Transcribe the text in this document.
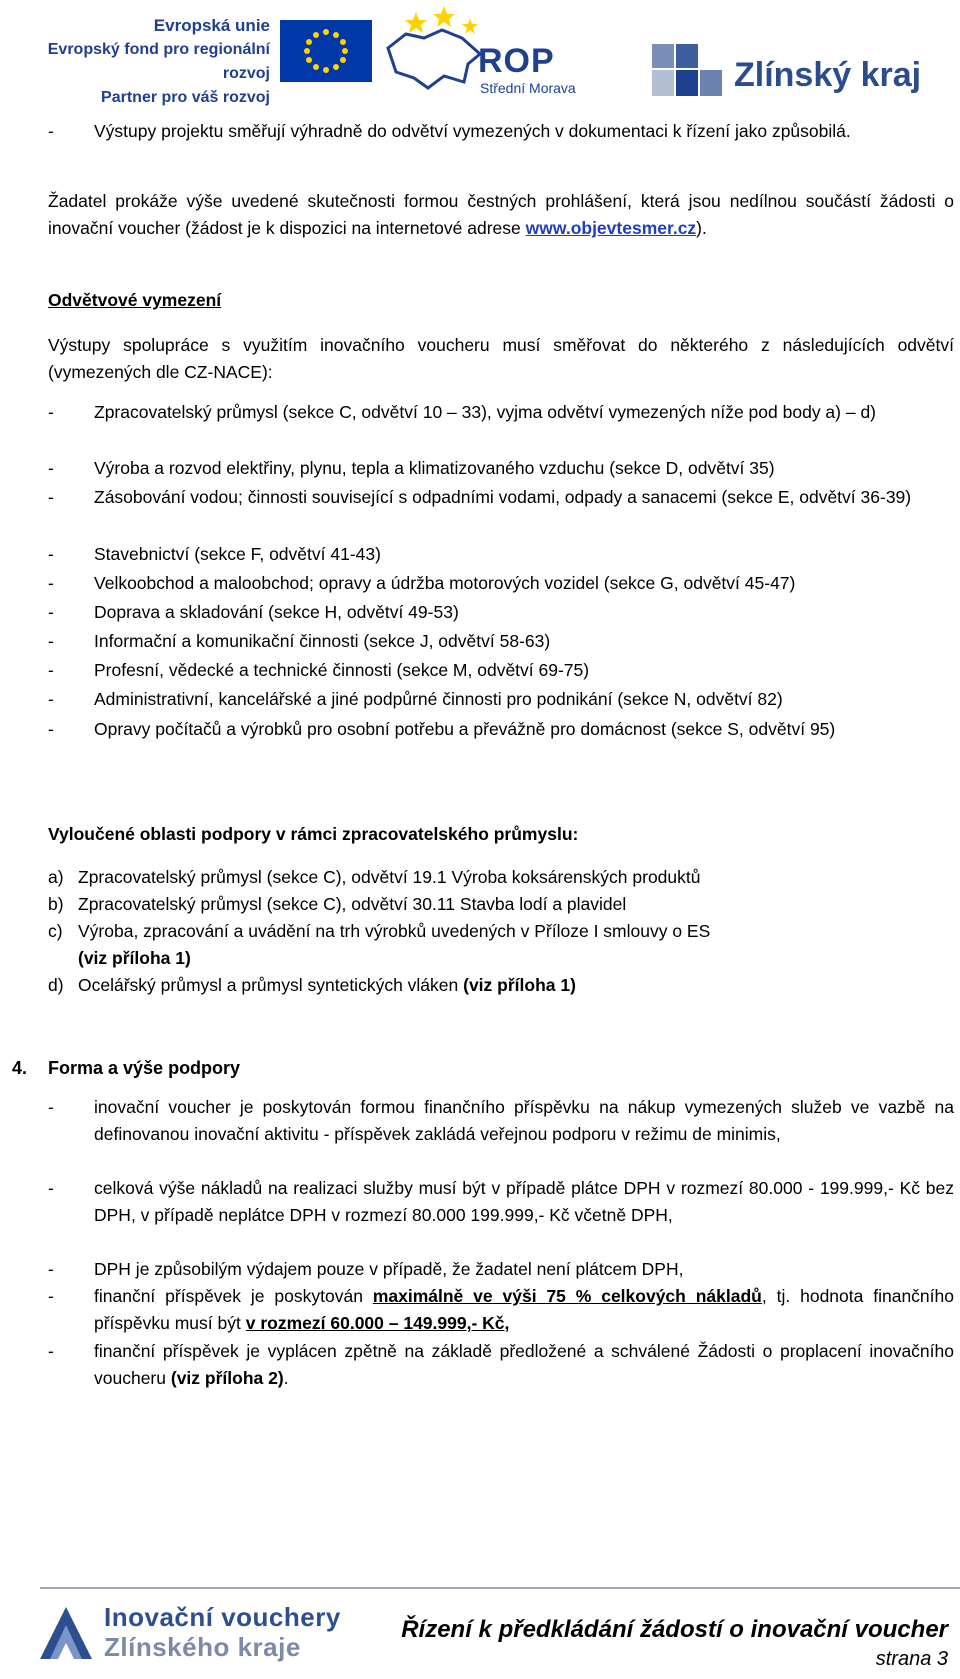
Evropská unie
Evropský fond pro regionální rozvoj
Partner pro váš rozvoj
ROP
Střední Morava	Zlínský kraj
- Výstupy projektu směřují výhradně do odvětví vymezených v dokumentaci k řízení jako způsobilá.
Žadatel prokáže výše uvedené skutečnosti formou čestných prohlášení, která jsou nedílnou součástí žádosti o inovační voucher (žádost je k dispozici na internetové adrese www.objevtesmer.cz).
Odvětvové vymezení
Výstupy spolupráce s využitím inovačního voucheru musí směřovat do některého z následujících odvětví (vymezených dle CZ-NACE):
- Zpracovatelský průmysl (sekce C, odvětví 10 – 33), vyjma odvětví vymezených níže pod body a) – d)
- Výroba a rozvod elektřiny, plynu, tepla a klimatizovaného vzduchu (sekce D, odvětví 35)
- Zásobování vodou; činnosti související s odpadními vodami, odpady a sanacemi (sekce E, odvětví 36-39)
- Stavebnictví (sekce F, odvětví 41-43)
- Velkoobchod a maloobchod; opravy a údržba motorových vozidel (sekce G, odvětví 45-47)
- Doprava a skladování (sekce H, odvětví 49-53)
- Informační a komunikační činnosti (sekce J, odvětví 58-63)
- Profesní, vědecké a technické činnosti (sekce M, odvětví 69-75)
- Administrativní, kancelářské a jiné podpůrné činnosti pro podnikání (sekce N, odvětví 82)
- Opravy počítačů a výrobků pro osobní potřebu a převážně pro domácnost (sekce S, odvětví 95)
Vyloučené oblasti podpory v rámci zpracovatelského průmyslu:
a) Zpracovatelský průmysl (sekce C), odvětví 19.1 Výroba koksárenských produktů
b) Zpracovatelský průmysl (sekce C), odvětví 30.11 Stavba lodí a plavidel
c) Výroba, zpracování a uvádění na trh výrobků uvedených v Příloze I smlouvy o ES
(viz příloha 1)
d) Ocelářský průmysl a průmysl syntetických vláken (viz příloha 1)
4. Forma a výše podpory
- inovační voucher je poskytován formou finančního příspěvku na nákup vymezených služeb ve vazbě na definovanou inovační aktivitu - příspěvek zakládá veřejnou podporu v režimu de minimis,
- celková výše nákladů na realizaci služby musí být v případě plátce DPH v rozmezí 80.000 - 199.999,- Kč bez DPH, v případě neplátce DPH v rozmezí 80.000 199.999,- Kč včetně DPH,
- DPH je způsobilým výdajem pouze v případě, že žadatel není plátcem DPH,
- finanční příspěvek je poskytován maximálně ve výši 75 % celkových nákladů, tj. hodnota finančního příspěvku musí být v rozmezí 60.000 – 149.999,- Kč,
- finanční příspěvek je vyplácen zpětně na základě předložené a schválené Žádosti o proplacení inovačního voucheru (viz příloha 2).
Inovační vouchery
Zlínského kraje
Řízení k předkládání žádostí o inovační voucher
strana 3
